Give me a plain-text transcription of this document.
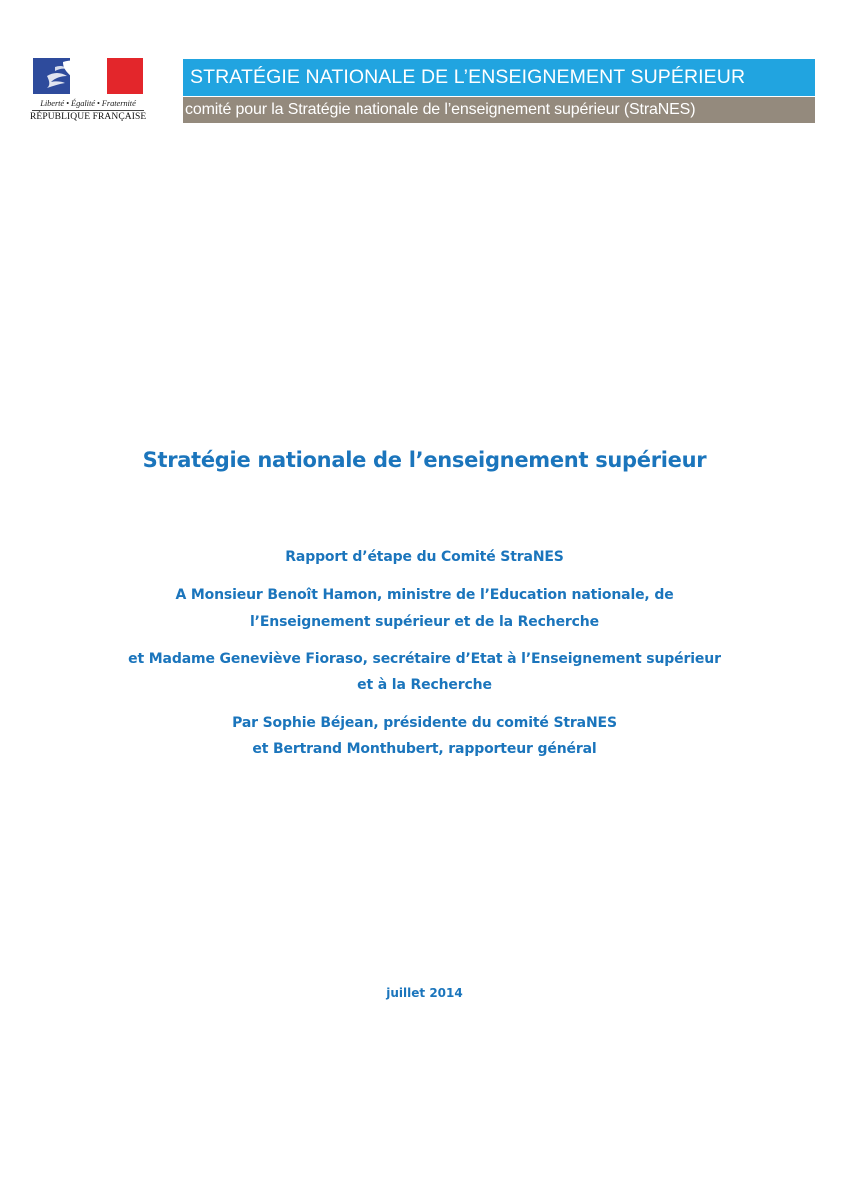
Liberté • Égalité • Fraternité
RÉPUBLIQUE FRANÇAISE
STRATÉGIE NATIONALE DE L’ENSEIGNEMENT SUPÉRIEUR
comité pour la Stratégie nationale de l’enseignement supérieur (StraNES)
Stratégie nationale de l’enseignement supérieur
Rapport d’étape du Comité StraNES
A Monsieur Benoît Hamon, ministre de l’Education nationale, de
l’Enseignement supérieur et de la Recherche
et Madame Geneviève Fioraso, secrétaire d’Etat à l’Enseignement supérieur
et à la Recherche
Par Sophie Béjean, présidente du comité StraNES
et Bertrand Monthubert, rapporteur général
juillet 2014
